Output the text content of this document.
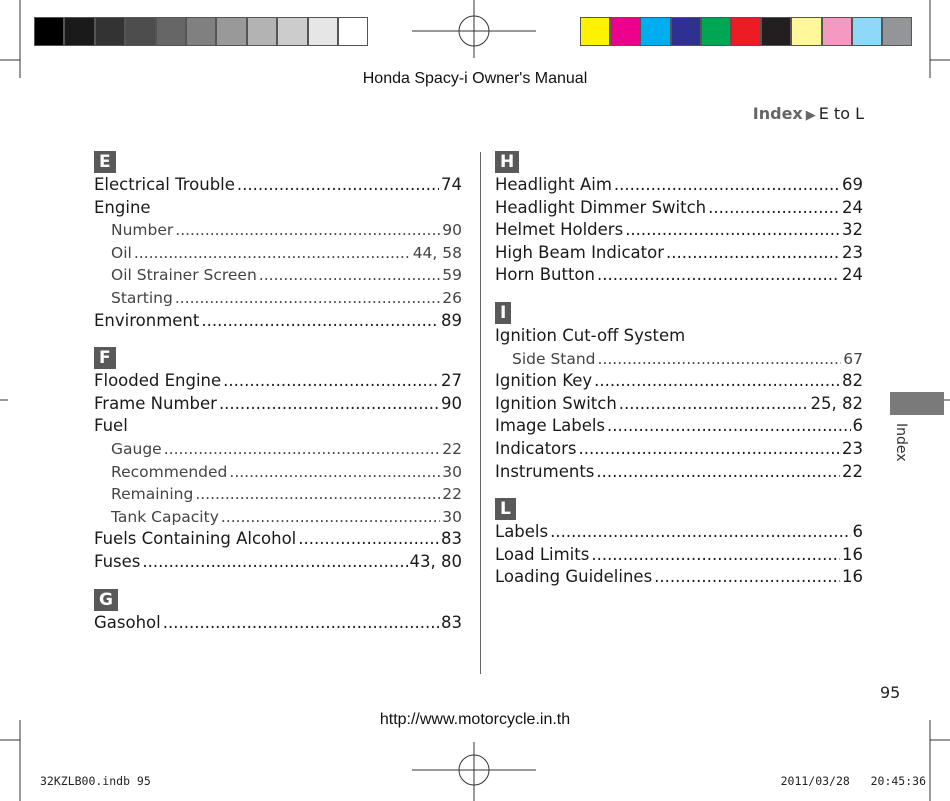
Honda Spacy-i Owner's Manual
Index ▶ E to L
E
Electrical Trouble .....	74
Engine
Number .....	90
Oil .....	44, 58
Oil Strainer Screen .....	59
Starting .....	26
Environment .....	89
F
Flooded Engine .....	27
Frame Number .....	90
Fuel
Gauge .....	22
Recommended .....	30
Remaining .....	22
Tank Capacity .....	30
Fuels Containing Alcohol .....	83
Fuses .....	43, 80
G
Gasohol .....	83
H
Headlight Aim .....	69
Headlight Dimmer Switch .....	24
Helmet Holders .....	32
High Beam Indicator .....	23
Horn Button .....	24
I
Ignition Cut-off System
Side Stand .....	67
Ignition Key .....	82
Ignition Switch .....	25, 82
Image Labels .....	6
Indicators .....	23
Instruments .....	22
L
Labels .....	6
Load Limits .....	16
Loading Guidelines .....	16
Index
95
http://www.motorcycle.in.th
32KZLB00.indb 95	2011/03/28   20:45:36
